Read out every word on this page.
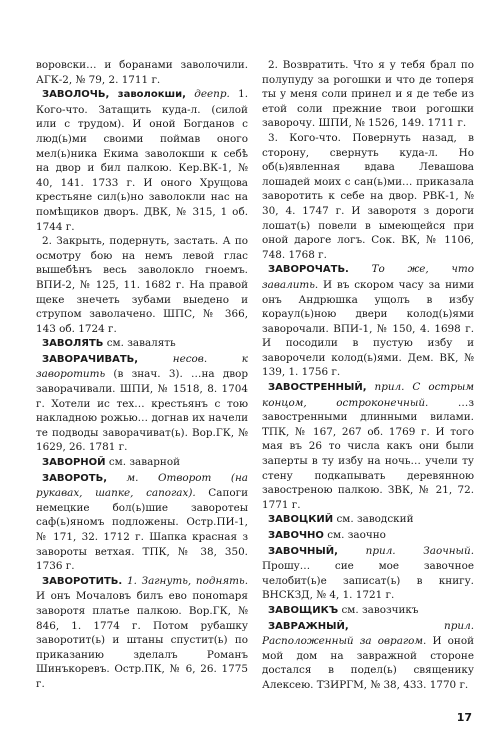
воровски… и боранами заволочили. АГК-2, № 79, 2. 1711 г.

ЗАВОЛОЧЬ, заволокши, деепр. 1. Кого-что. Затащить куда-л. (силой или с трудом). И оной Богданов с люд(ь)ми своими поймав оного мел(ь)ника Екима заволокши к себѣ на двор и бил палкою. Кер.ВК-1, № 40, 141. 1733 г. И оного Хрущова крестьяне сил(ь)но заволокли нас на помѣщиков дворъ. ДВК, № 315, 1 об. 1744 г.

2. Закрыть, подернуть, застать. А по осмотру бою на немъ левой глас вышебѣнъ весь заволокло гноемъ. ВПИ-2, № 125, 11. 1682 г. На правой щеке знечеть зубами выедено и струпом заволачено. ШПС, № 366, 143 об. 1724 г.

ЗАВОЛЯТЬ см. завалять

ЗАВОРАЧИВАТЬ, несов. к заворотить (в знач. 3). …на двор заворачивали. ШПИ, № 1518, 8. 1704 г. Хотели ис тех… крестьянъ с тою накладною рожью… догнав их начели те подводы заворачиват(ь). Вор.ГК, № 1629, 26. 1781 г.

ЗАВОРНОЙ см. заварной

ЗАВОРОТЬ, м. Отворот (на рукавах, шапке, сапогах). Сапоги немецкие бол(ь)шие заворотеы саф(ь)яномъ подложены. Остр.ПИ-1, № 171, 32. 1712 г. Шапка красная з завороты ветхая. ТПК, № 38, 350. 1736 г.

ЗАВОРОТИТЬ. 1. Загнуть, поднять. И онъ Мочаловъ билъ ево поноmаря заворотя платье палкою. Вор.ГК, № 846, 1. 1774 г. Потом рубашку заворотит(ь) и штаны спустит(ь) по приказанию зделалъ Романъ Шинъкоревъ. Остр.ПК, № 6, 26. 1775 г.

2. Возвратить. Что я у тебя брал по полупуду за рогошки и что де топеря ты у меня соли принел и я де тебе из етой соли прежние твои рогошки заворочу. ШПИ, № 1526, 149. 1711 г.

3. Кого-что. Повернуть назад, в сторону, свернуть куда-л. Но об(ь)явленная вдава Левашова лошадей моих с сан(ь)ми… приказала заворотить к себе на двор. РВК-1, № 30, 4. 1747 г. И заворотя з дороги лошат(ь) повели в ымеющейся при оной дароге логъ. Сок. ВК, № 1106, 748. 1768 г.

ЗАВОРОЧАТЬ. То же, что завалить. И въ скором часу за ними онъ Андрюшка ущолъ в избу кораул(ь)ною двери колод(ь)ями заворочали. ВПИ-1, № 150, 4. 1698 г. И посодили в пустую избу и заворочели колод(ь)ями. Дем. ВК, № 139, 1. 1756 г.

ЗАВОСТРЕННЫЙ, прил. С острым концом, остроконечный. …з завостренными длинными вилами. ТПК, № 167, 267 об. 1769 г. И того мая въ 26 то числа какъ они были заперты в ту избу на ночь… учели ту стену подкапывать деревянною завостреною палкою. ЗВК, № 21, 72. 1771 г.

ЗАВОЦКИЙ см. заводский

ЗАВОЧНО см. заочно

ЗАВОЧНЫЙ, прил. Заочный. Прошу… сие мое завочное челобит(ь)е записат(ь) в книгу. ВНСКЗД, № 4, 1. 1721 г.

ЗАВОЩИКЪ см. завозчикъ

ЗАВРАЖНЫЙ, прил. Расположенный за оврагом. И оной мой дом на завражной стороне достался в подел(ь) священику Алексею. ТЗИРГМ, № 38, 433. 1770 г.

17
